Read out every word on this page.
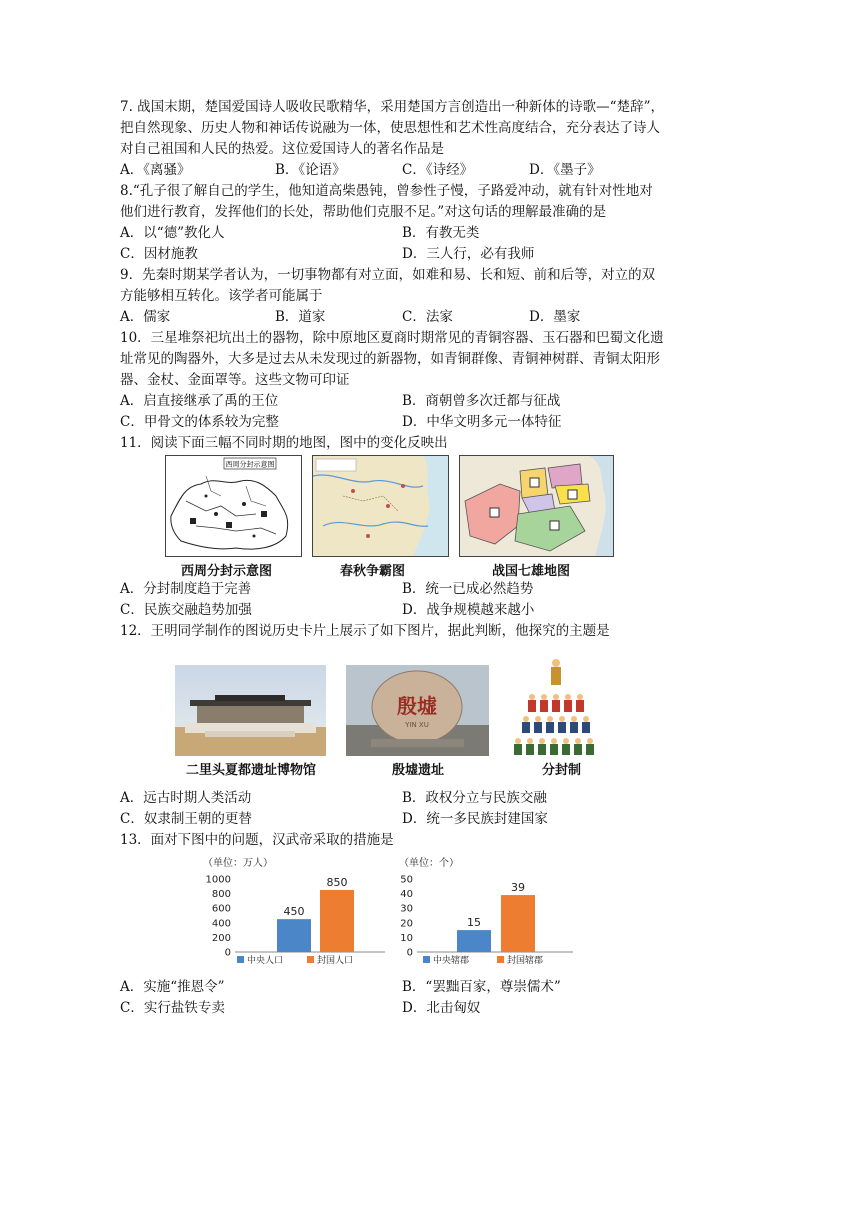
7. 战国末期，楚国爱国诗人吸收民歌精华，采用楚国方言创造出一种新体的诗歌—“楚辞”，
把自然现象、历史人物和神话传说融为一体，使思想性和艺术性高度结合，充分表达了诗人
对自己祖国和人民的热爱。这位爱国诗人的著名作品是
A．《离骚》	B．《论语》	C．《诗经》	D．《墨子》
8.“孔子很了解自己的学生，他知道高柴愚钝，曾参性子慢，子路爱冲动，就有针对性地对
他们进行教育，发挥他们的长处，帮助他们克服不足。”对这句话的理解最准确的是
A．以“德”教化人	B．有教无类
C．因材施教	D．三人行，必有我师
9．先秦时期某学者认为，一切事物都有对立面，如难和易、长和短、前和后等，对立的双
方能够相互转化。该学者可能属于
A．儒家	B．道家	C．法家	D．墨家
10．三星堆祭祀坑出土的器物，除中原地区夏商时期常见的青铜容器、玉石器和巴蜀文化遗
址常见的陶器外，大多是过去从未发现过的新器物，如青铜群像、青铜神树群、青铜太阳形
器、金杖、金面罩等。这些文物可印证
A．启直接继承了禹的王位	B．商朝曾多次迁都与征战
C．甲骨文的体系较为完整	D．中华文明多元一体特征
11．阅读下面三幅不同时期的地图，图中的变化反映出
西周分封示意图
西周分封示意图	春秋争霸图	战国七雄地图
A．分封制度趋于完善	B．统一已成必然趋势
C．民族交融趋势加强	D．战争规模越来越小
12．王明同学制作的图说历史卡片上展示了如下图片，据此判断，他探究的主题是
殷墟
YIN XU
二里头夏都遗址博物馆	殷墟遗址	分封制
A．远古时期人类活动	B．政权分立与民族交融
C．奴隶制王朝的更替	D．统一多民族封建国家
13．面对下图中的问题，汉武帝采取的措施是
（单位：万人）
0
200
400
600
800
1000
450
850
中央人口	封国人口
（单位：个）
0
10
20
30
40
50
15
39
中央辖郡	封国辖郡
A．实施“推恩令”	B．“罢黜百家，尊崇儒术”
C．实行盐铁专卖	D．北击匈奴
